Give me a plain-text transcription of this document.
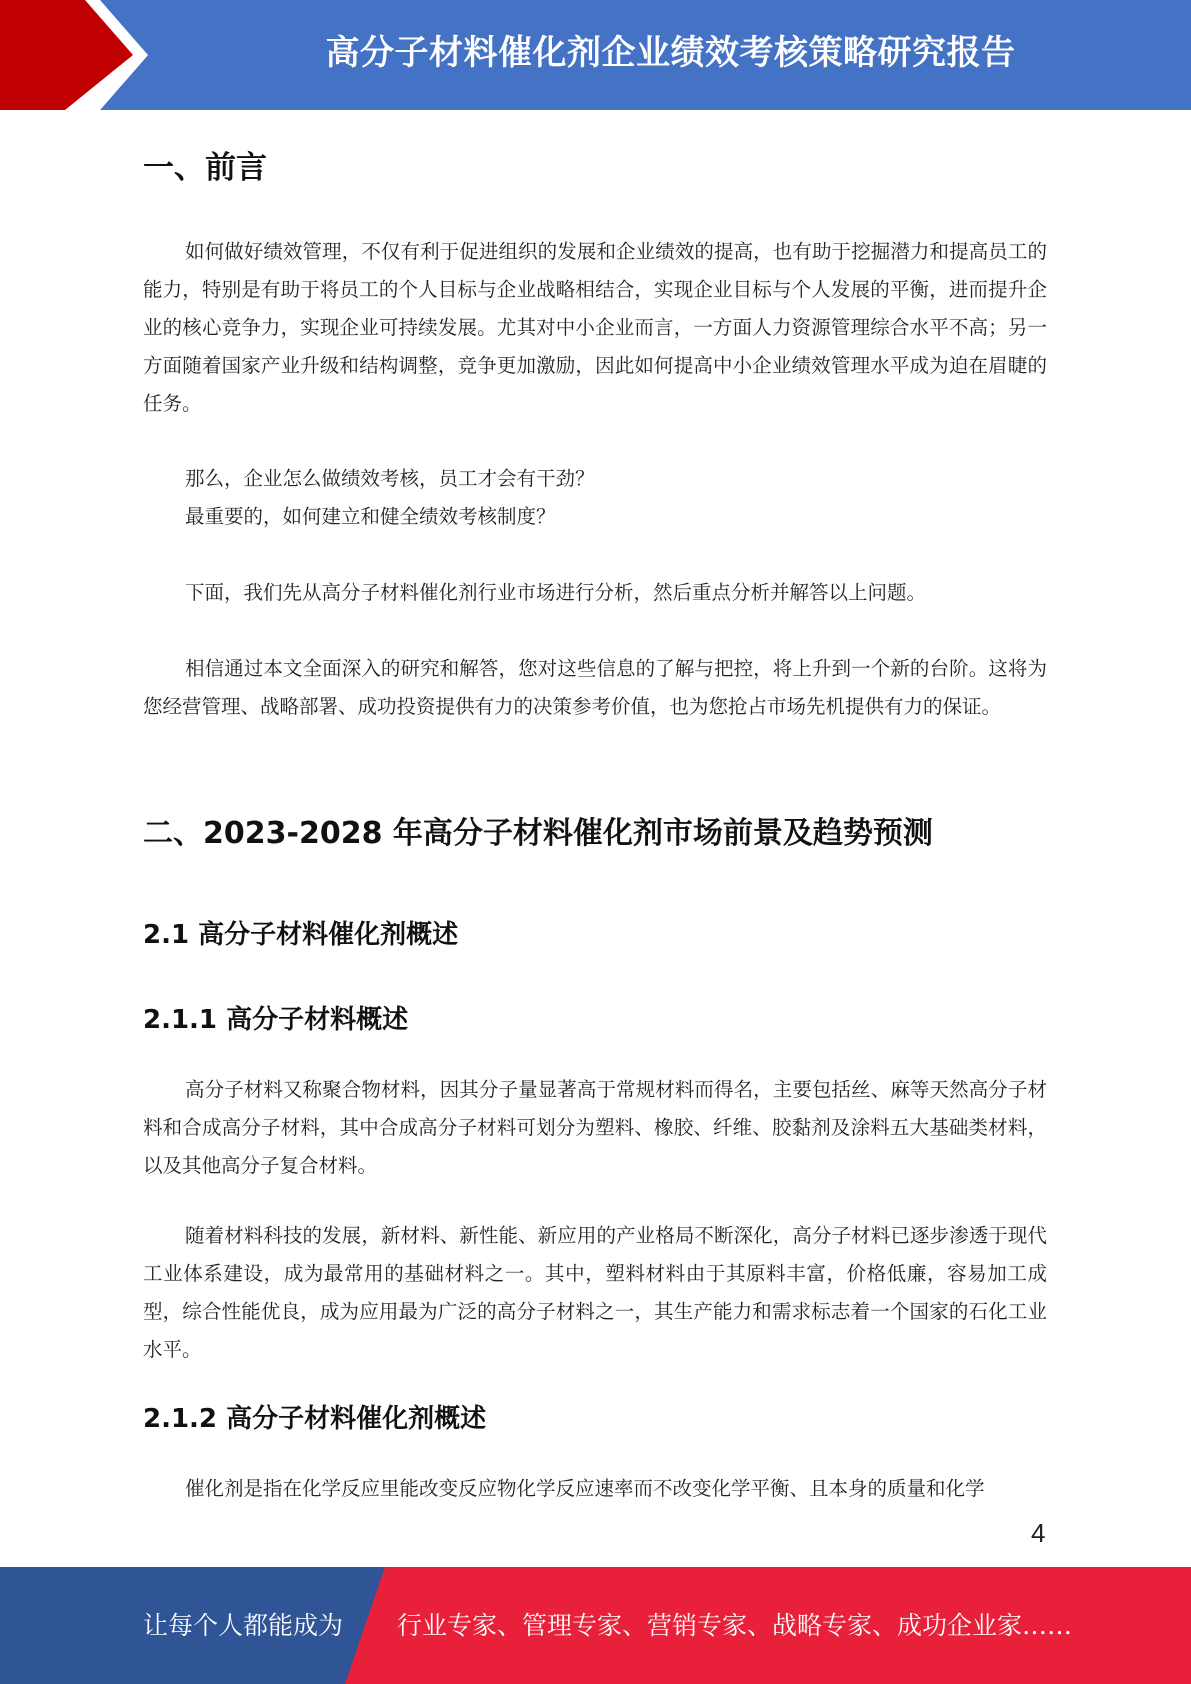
高分子材料催化剂企业绩效考核策略研究报告
一、前言

如何做好绩效管理，不仅有利于促进组织的发展和企业绩效的提高，也有助于挖掘潜力和提高员工的能力，特别是有助于将员工的个人目标与企业战略相结合，实现企业目标与个人发展的平衡，进而提升企业的核心竞争力，实现企业可持续发展。尤其对中小企业而言，一方面人力资源管理综合水平不高；另一方面随着国家产业升级和结构调整，竞争更加激励，因此如何提高中小企业绩效管理水平成为迫在眉睫的任务。

那么，企业怎么做绩效考核，员工才会有干劲？

最重要的，如何建立和健全绩效考核制度？

下面，我们先从高分子材料催化剂行业市场进行分析，然后重点分析并解答以上问题。

相信通过本文全面深入的研究和解答，您对这些信息的了解与把控，将上升到一个新的台阶。这将为您经营管理、战略部署、成功投资提供有力的决策参考价值，也为您抢占市场先机提供有力的保证。

二、2023-2028 年高分子材料催化剂市场前景及趋势预测
2.1 高分子材料催化剂概述
2.1.1 高分子材料概述

高分子材料又称聚合物材料，因其分子量显著高于常规材料而得名，主要包括丝、麻等天然高分子材料和合成高分子材料，其中合成高分子材料可划分为塑料、橡胶、纤维、胶黏剂及涂料五大基础类材料，以及其他高分子复合材料。

随着材料科技的发展，新材料、新性能、新应用的产业格局不断深化，高分子材料已逐步渗透于现代工业体系建设，成为最常用的基础材料之一。其中，塑料材料由于其原料丰富，价格低廉，容易加工成型，综合性能优良，成为应用最为广泛的高分子材料之一，其生产能力和需求标志着一个国家的石化工业水平。

2.1.2 高分子材料催化剂概述

催化剂是指在化学反应里能改变反应物化学反应速率而不改变化学平衡、且本身的质量和化学

4
让每个人都能成为 行业专家、管理专家、营销专家、战略专家、成功企业家……
